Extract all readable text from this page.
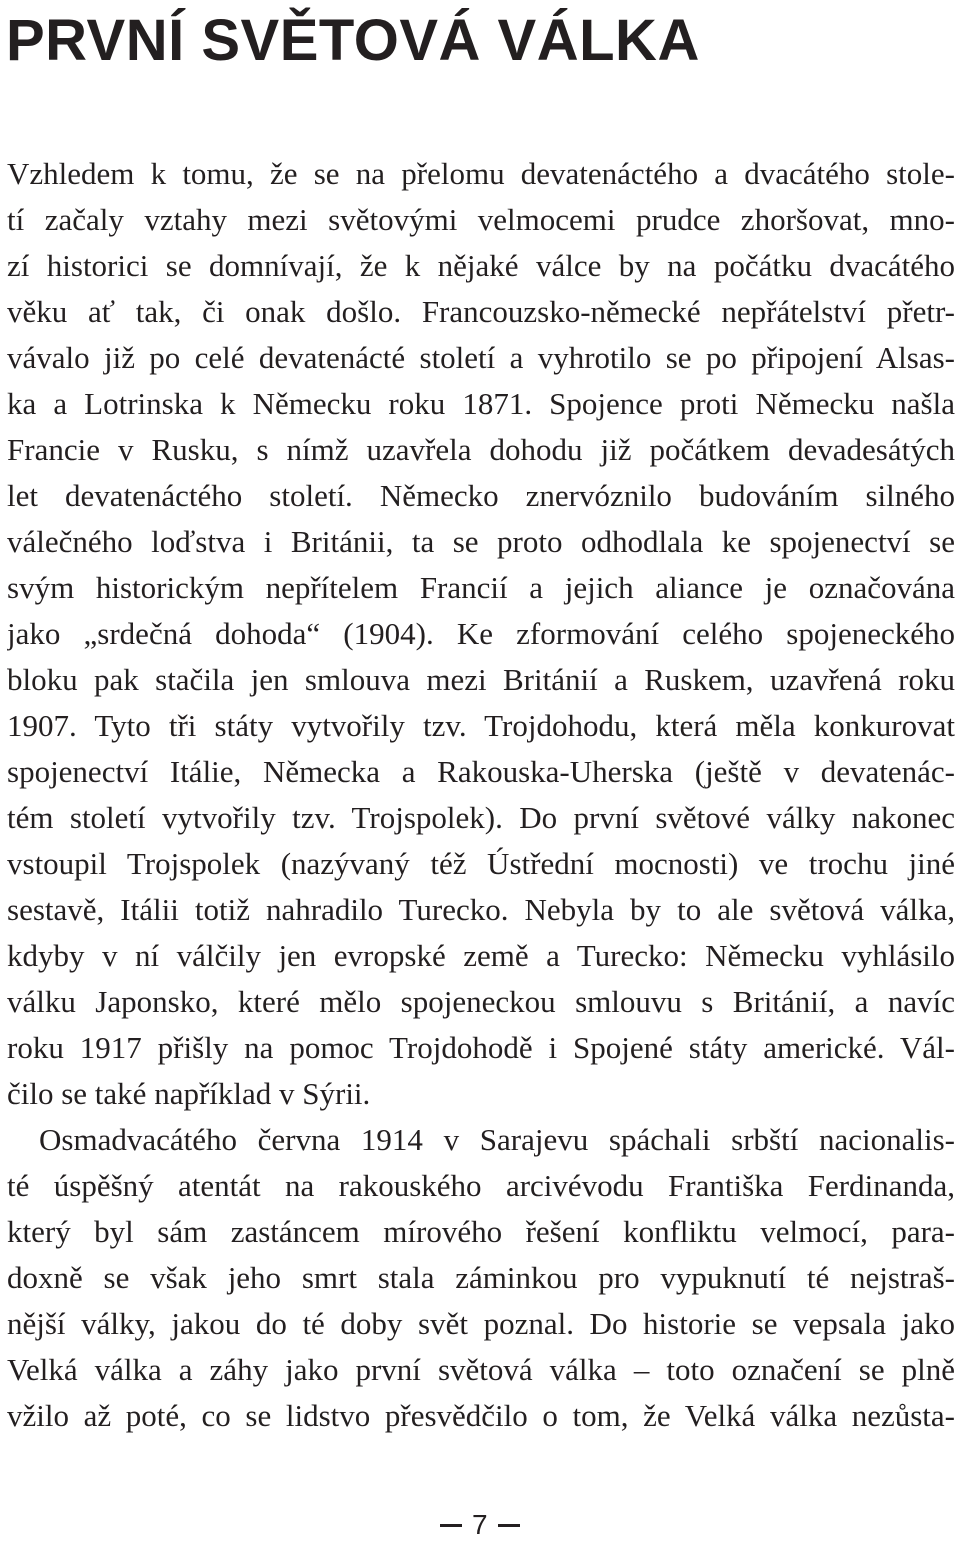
PRVNÍ SVĚTOVÁ VÁLKA
Vzhledem k tomu, že se na přelomu devatenáctého a dvacátého stole-
tí začaly vztahy mezi světovými velmocemi prudce zhoršovat, mno-
zí historici se domnívají, že k nějaké válce by na počátku dvacátého
věku ať tak, či onak došlo. Francouzsko-německé nepřátelství přetr-
vávalo již po celé devatenácté století a vyhrotilo se po připojení Alsas-
ka a Lotrinska k Německu roku 1871. Spojence proti Německu našla
Francie v Rusku, s nímž uzavřela dohodu již počátkem devadesátých
let devatenáctého století. Německo znervóznilo budováním silného
válečného loďstva i Británii, ta se proto odhodlala ke spojenectví se
svým historickým nepřítelem Francií a jejich aliance je označována
jako „srdečná dohoda“ (1904). Ke zformování celého spojeneckého
bloku pak stačila jen smlouva mezi Británií a Ruskem, uzavřená roku
1907. Tyto tři státy vytvořily tzv. Trojdohodu, která měla konkurovat
spojenectví Itálie, Německa a Rakouska-Uherska (ještě v devatenác-
tém století vytvořily tzv. Trojspolek). Do první světové války nakonec
vstoupil Trojspolek (nazývaný též Ústřední mocnosti) ve trochu jiné
sestavě, Itálii totiž nahradilo Turecko. Nebyla by to ale světová válka,
kdyby v ní válčily jen evropské země a Turecko: Německu vyhlásilo
válku Japonsko, které mělo spojeneckou smlouvu s Británií, a navíc
roku 1917 přišly na pomoc Trojdohodě i Spojené státy americké. Vál-
čilo se také například v Sýrii.
Osmadvacátého června 1914 v Sarajevu spáchali srbští nacionalis-
té úspěšný atentát na rakouského arcivévodu Františka Ferdinanda,
který byl sám zastáncem mírového řešení konfliktu velmocí, para-
doxně se však jeho smrt stala záminkou pro vypuknutí té nejstraš-
nější války, jakou do té doby svět poznal. Do historie se vepsala jako
Velká válka a záhy jako první světová válka – toto označení se plně
vžilo až poté, co se lidstvo přesvědčilo o tom, že Velká válka nezůsta-
7
